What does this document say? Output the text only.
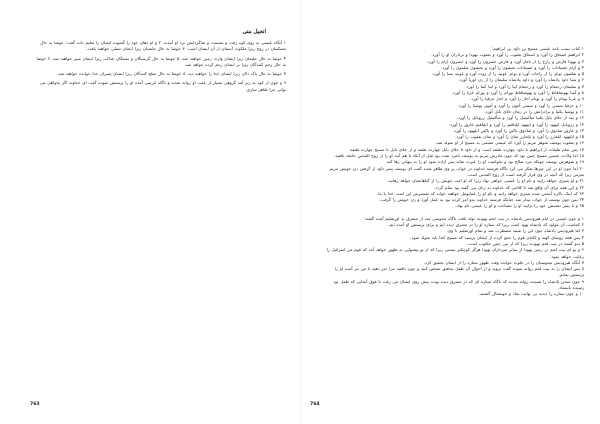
انجیل متی

۱ آنگاه عیسی به روی کوه رفت و نشست و شاگردانش نزد او آمدند. ۲ و او دهان خود را گشوده ایشان را تعلیم داده گفت: خوشا به حال مسکینان در روح زیرا ملکوت آسمان از آن ایشان است. ۳ خوشا به حال ماتمیان زیرا ایشان تسلی خواهند یافت.

۴ خوشا به حال حلیمان زیرا ایشان وارث زمین خواهند شد. ۵ خوشا به حال گرسنگان و تشنگان عدالت زیرا ایشان سیر خواهند شد. ۶ خوشا به حال رحم کنندگان زیرا بر ایشان رحم کرده خواهد شد.

۷ خوشا به حال پاک دلان زیرا ایشان خدا را خواهند دید. ۸ خوشا به حال صلح کنندگان زیرا ایشان پسران خدا خوانده خواهند شد.

۹ و چون از کوه به زیر آمد گروهی بسیار از عقب او روانه شدند و ناگاه ابرصی آمده او را پرستش نموده گفت ای خداوند اگر بخواهی می توانی مرا طاهر سازی.

763

۱ کتاب نسب نامه عیسی مسیح بن داود بن ابراهیم:

۲ ابراهیم اسحاق را آورد و اسحاق یعقوب را آورد و یعقوب یهودا و برادران او را آورد.

۳ و یهودا فارص و زارح را از تامار آورد و فارص حصرون را آورد و حصرون ارام را آورد.

۴ و ارام عمیناداب را آورد و عمیناداب نحشون را آورد و نحشون شلمون را آورد.

۵ و شلمون بوعز را از راحاب آورد و بوعز عوبید را از روت آورد و عوبید یسا را آورد.

۶ و یسا داود پادشاه را آورد و داود پادشاه سلیمان را از زن اوریا آورد.

۷ و سلیمان رحبعام را آورد و رحبعام ابیا را آورد و ابیا آسا را آورد.

۸ و آسا یهوشافاط را آورد و یهوشافاط یورام را آورد و یورام عزیا را آورد.

۹ و عزیا یوتام را آورد و یوتام احاز را آورد و احاز حزقیا را آورد.

۱۰ و حزقیا منسی را آورد و منسی آمون را آورد و آمون یوشیا را آورد.

۱۱ و یوشیا یکنیا و برادرانش را در زمان جلای بابل آورد.

۱۲ و بعد از جلای بابل یکنیا سألتیئیل را آورد و سألتیئیل زروبابل را آورد.

۱۳ و زروبابل ابیهود را آورد و ابیهود ایلیاقیم را آورد و ایلیاقیم عازور را آورد.

۱۴ و عازور صادوق را آورد و صادوق یاکین را آورد و یاکین ایلیهود را آورد.

۱۵ و ایلیهود ایلعازر را آورد و ایلعازر متان را آورد و متان یعقوب را آورد.

۱۶ و یعقوب یوسف شوهر مریم را آورد که عیسی مسمی به مسیح از او متولد شد.

۱۷ پس تمام طبقات از ابراهیم تا داود چهارده طبقه است و از داود تا جلای بابل چهارده طبقه و از جلای بابل تا مسیح چهارده طبقه.

۱۸ اما ولادت عیسی مسیح چنین بود که چون مادرش مریم به یوسف نامزد شده بود قبل از آنکه با هم آیند او را از روح القدس حامله یافتند.

۱۹ و شوهرش یوسف چونکه مرد صالح بود و نخواست او را عبرت نماید پس اراده نمود او را به پنهانی رها کند.

۲۰ اما چون او در این چیزها تفکر می کرد ناگاه فرشته خداوند در خواب بر وی ظاهر شده گفت ای یوسف پسر داود از گرفتن زن خویش مریم مترس زیرا که آنچه در وی قرار گرفته است از روح القدس است.

۲۱ و او پسری خواهد زایید و نام او را عیسی خواهی نهاد زیرا که او امت خویش را از گناهانشان خواهد رهانید.

۲۲ و این همه برای آن واقع شد تا کلامی که خداوند به زبان نبی گفته بود تمام گردد.

۲۳ که اینک باکره آبستن شده پسری خواهد زایید و نام او را عمانوئیل خواهند خواند که تفسیرش این است خدا با ما.

۲۴ پس چون یوسف از خواب بیدار شد چنانکه فرشته خداوند بدو امر کرده بود به عمل آورد و زن خویش را گرفت.

۲۵ و تا پسر نخستین خود را نزایید او را نشناخت و او را عیسی نام نهاد.

۱ و چون عیسی در ایام هیرودیس پادشاه در بیت لحم یهودیه تولد یافت ناگاه مجوسی چند از مشرق به اورشلیم آمده گفتند:

۲ کجاست آن مولود که پادشاه یهود است زیرا که ستاره او را در مشرق دیده ایم و برای پرستش او آمده ایم.

۳ اما هیرودیس پادشاه چون این را شنید مضطرب شد و تمام اورشلیم با وی.

۴ پس همه روسای کهنه و کاتبان قوم را جمع کرده از ایشان پرسید که مسیح کجا باید متولد شود.

۵ بدو گفتند در بیت لحم یهودیه زیرا که از نبی چنین مکتوب است.

۶ و تو ای بیت لحم در زمین یهودا از سایر سرداران یهودا هرگز کوچکتر نیستی زیرا که از تو پیشوایی به ظهور خواهد آمد که قوم من اسرائیل را رعایت خواهد نمود.

۷ آنگاه هیرودیس مجوسیان را در خلوت خوانده وقت ظهور ستاره را از ایشان تحقیق کرد.

۸ پس ایشان را به بیت لحم روانه نموده گفت بروید و از احوال آن طفل بتدقیق تفحص کنید و چون یافتید مرا خبر دهید تا من نیز آمده او را پرستش نمایم.

۹ چون سخن پادشاه را شنیدند روانه شدند که ناگاه ستاره ای که در مشرق دیده بودند پیش روی ایشان می رفت تا فوق آنجایی که طفل بود رسیده بایستاد.

۱۰ و چون ستاره را دیدند بی نهایت شاد و خوشحال گشتند.

764
